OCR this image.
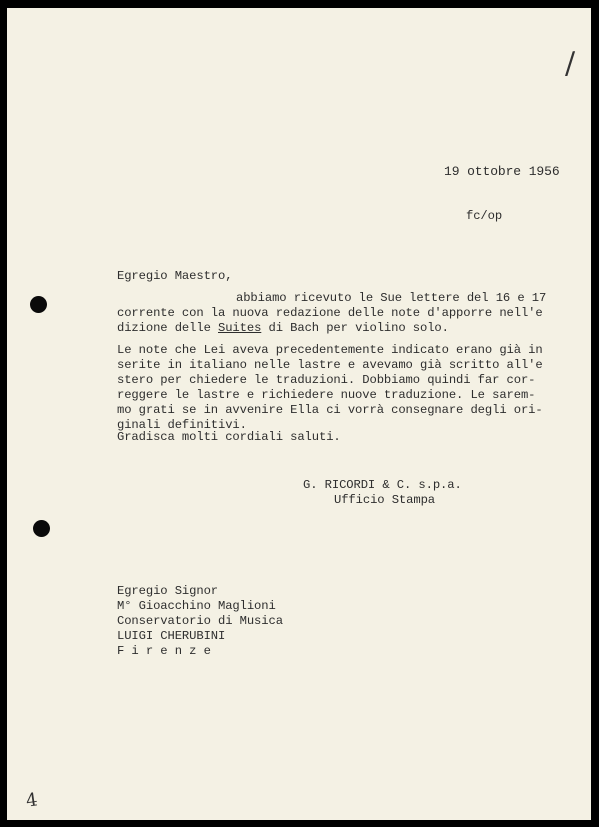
/
19 ottobre 1956
fc/op
Egregio Maestro,
abbiamo ricevuto le Sue lettere del 16 e 17
corrente con la nuova redazione delle note d'apporre nell'e
dizione delle Suites di Bach per violino solo.
Le note che Lei aveva precedentemente indicato erano già in
serite in italiano nelle lastre e avevamo già scritto all'e
stero per chiedere le traduzioni. Dobbiamo quindi far cor-
reggere le lastre e richiedere nuove traduzione. Le sarem-
mo grati se in avvenire Ella ci vorrà consegnare degli ori-
ginali definitivi.
Gradisca molti cordiali saluti.
G. RICORDI & C. s.p.a.
Ufficio Stampa
Egregio Signor
M° Gioacchino Maglioni
Conservatorio di Musica
LUIGI CHERUBINI
F i r e n z e
4
